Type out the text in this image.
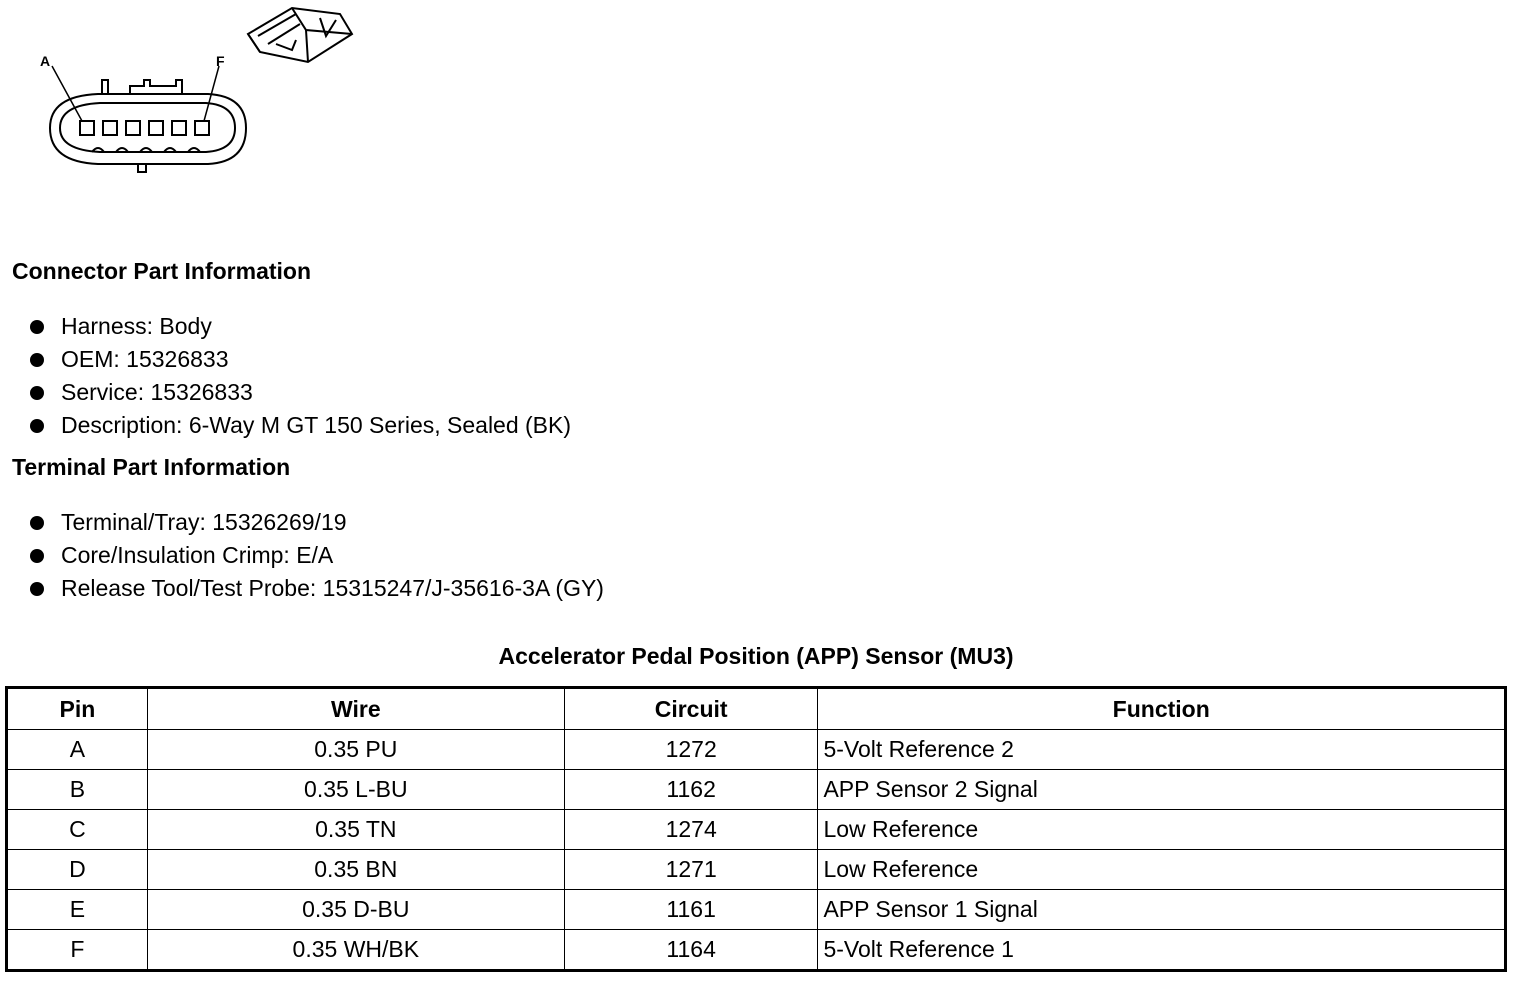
A	F
Connector Part Information
Harness: Body
OEM: 15326833
Service: 15326833
Description: 6-Way M GT 150 Series, Sealed (BK)
Terminal Part Information
Terminal/Tray: 15326269/19
Core/Insulation Crimp: E/A
Release Tool/Test Probe: 15315247/J-35616-3A (GY)
Accelerator Pedal Position (APP) Sensor (MU3)
Pin	Wire	Circuit	Function
A	0.35 PU	1272	5-Volt Reference 2
B	0.35 L-BU	1162	APP Sensor 2 Signal
C	0.35 TN	1274	Low Reference
D	0.35 BN	1271	Low Reference
E	0.35 D-BU	1161	APP Sensor 1 Signal
F	0.35 WH/BK	1164	5-Volt Reference 1
